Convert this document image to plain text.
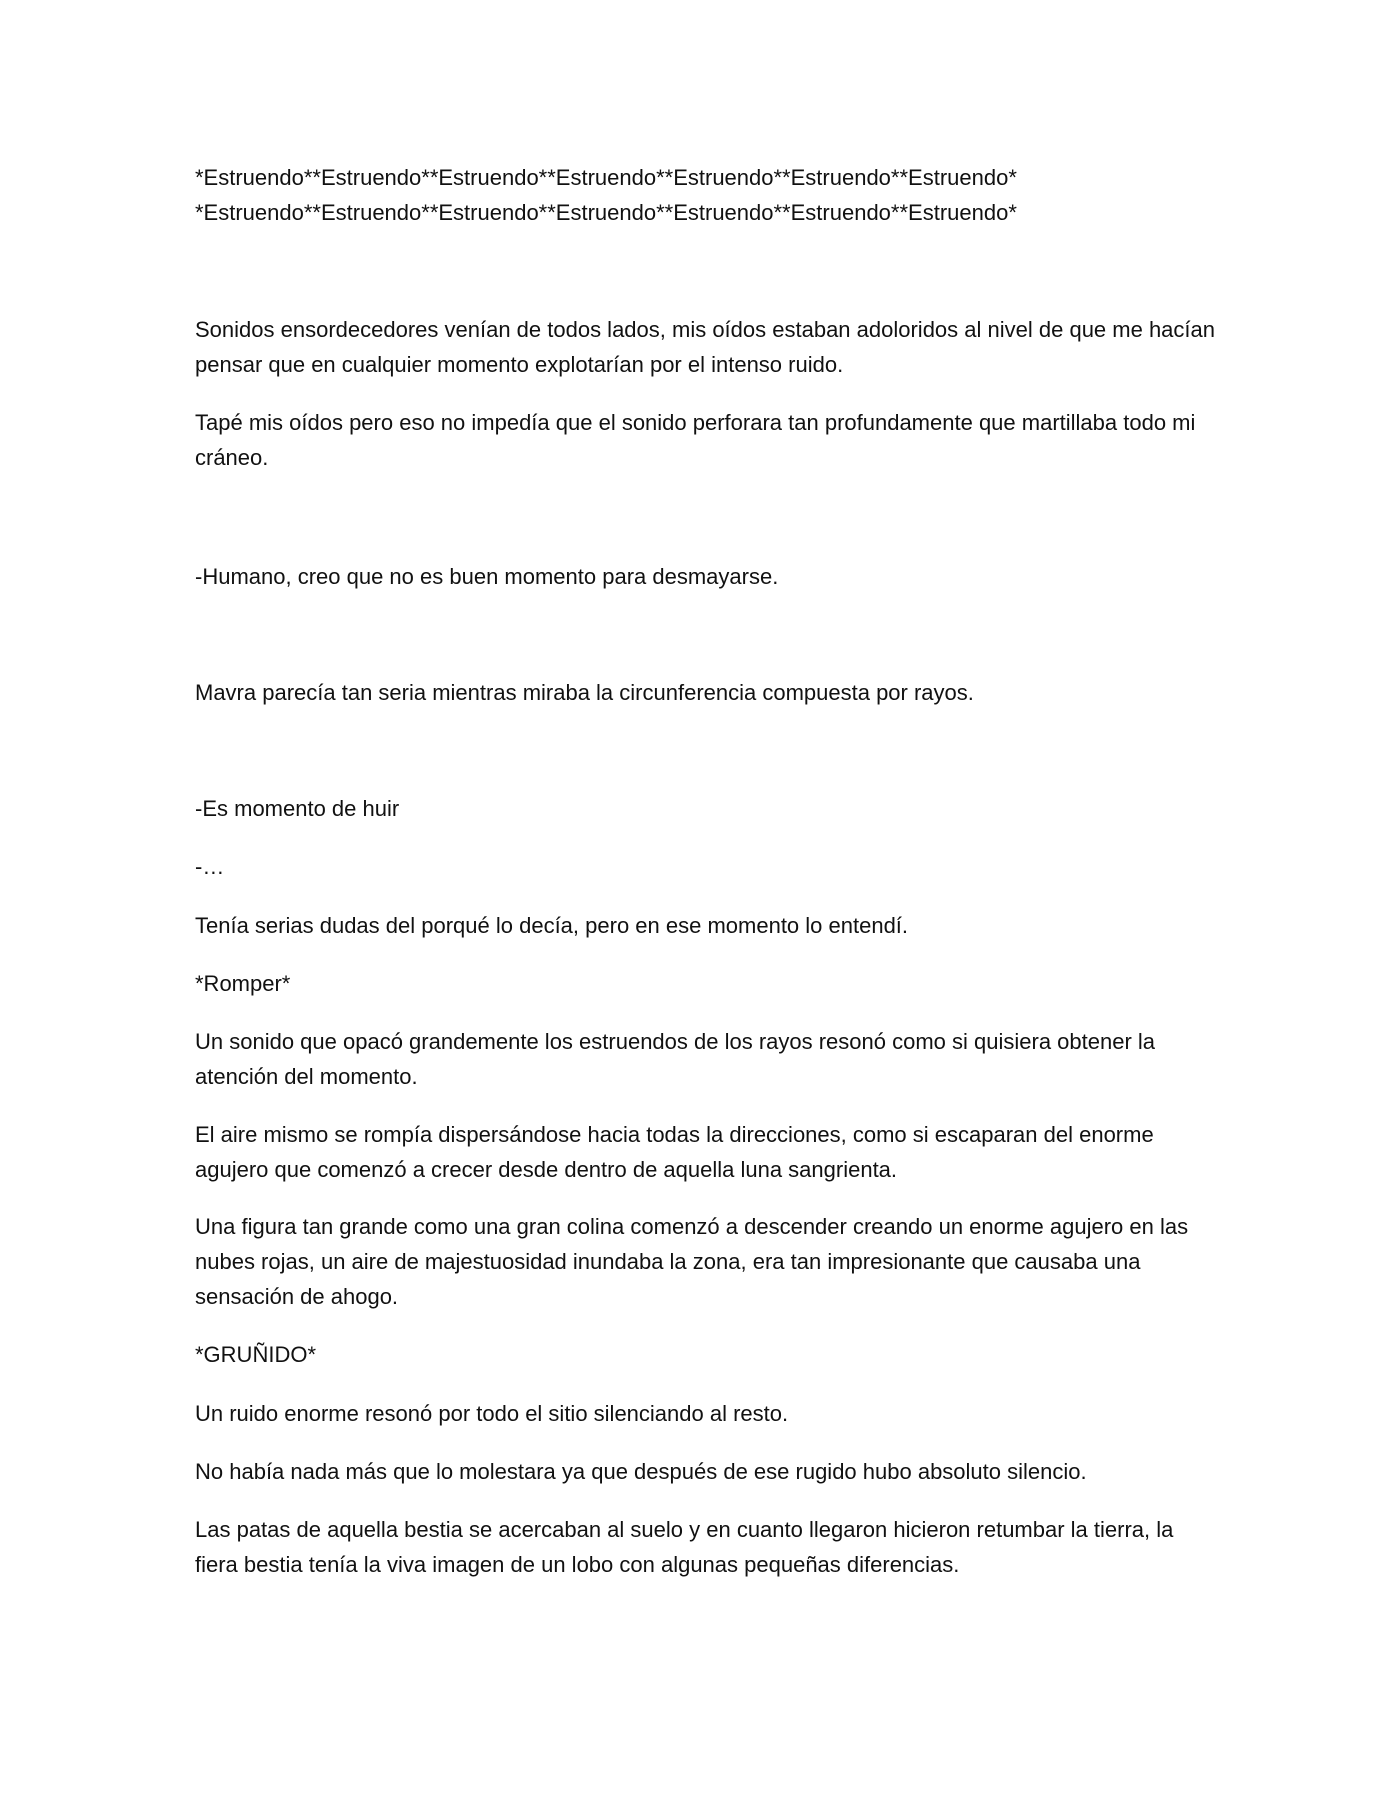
*Estruendo**Estruendo**Estruendo**Estruendo**Estruendo**Estruendo**Estruendo*
*Estruendo**Estruendo**Estruendo**Estruendo**Estruendo**Estruendo**Estruendo*

Sonidos ensordecedores venían de todos lados, mis oídos estaban adoloridos al nivel de que me hacían pensar que en cualquier momento explotarían por el intenso ruido.

Tapé mis oídos pero eso no impedía que el sonido perforara tan profundamente que martillaba todo mi cráneo.

-Humano, creo que no es buen momento para desmayarse.

Mavra parecía tan seria mientras miraba la circunferencia compuesta por rayos.

-Es momento de huir

-…

Tenía serias dudas del porqué lo decía, pero en ese momento lo entendí.

*Romper*

Un sonido que opacó grandemente los estruendos de los rayos resonó como si quisiera obtener la atención del momento.

El aire mismo se rompía dispersándose hacia todas la direcciones, como si escaparan del enorme agujero que comenzó a crecer desde dentro de aquella luna sangrienta.

Una figura tan grande como una gran colina comenzó a descender creando un enorme agujero en las nubes rojas, un aire de majestuosidad inundaba la zona, era tan impresionante que causaba una sensación de ahogo.

*GRUÑIDO*

Un ruido enorme resonó por todo el sitio silenciando al resto.

No había nada más que lo molestara ya que después de ese rugido hubo absoluto silencio.

Las patas de aquella bestia se acercaban al suelo y en cuanto llegaron hicieron retumbar la tierra, la fiera bestia tenía la viva imagen de un lobo con algunas pequeñas diferencias.
